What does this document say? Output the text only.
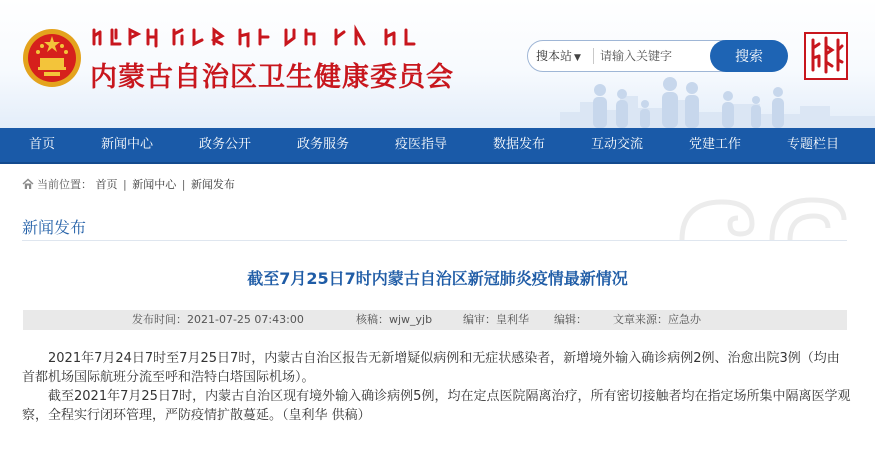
内蒙古自治区卫生健康委员会
搜本站 ▼
请输入关键字	搜索
首页	新闻中心	政务公开	政务服务	疫医指导	数据发布	互动交流	党建工作	专题栏目
当前位置： 首页 | 新闻中心 | 新闻发布
新闻发布
截至7月25日7时内蒙古自治区新冠肺炎疫情最新情况
发布时间：2021-07-25 07:43:00	核稿：wjw_yjb	编审：皇利华 编辑： 文章来源：应急办

2021年7月24日7时至7月25日7时，内蒙古自治区报告无新增疑似病例和无症状感染者，新增境外输入确诊病例2例、治愈出院3例（均由首都机场国际航班分流至呼和浩特白塔国际机场）。

截至2021年7月25日7时，内蒙古自治区现有境外输入确诊病例5例，均在定点医院隔离治疗，所有密切接触者均在指定场所集中隔离医学观察，全程实行闭环管理，严防疫情扩散蔓延。（皇利华 供稿）
